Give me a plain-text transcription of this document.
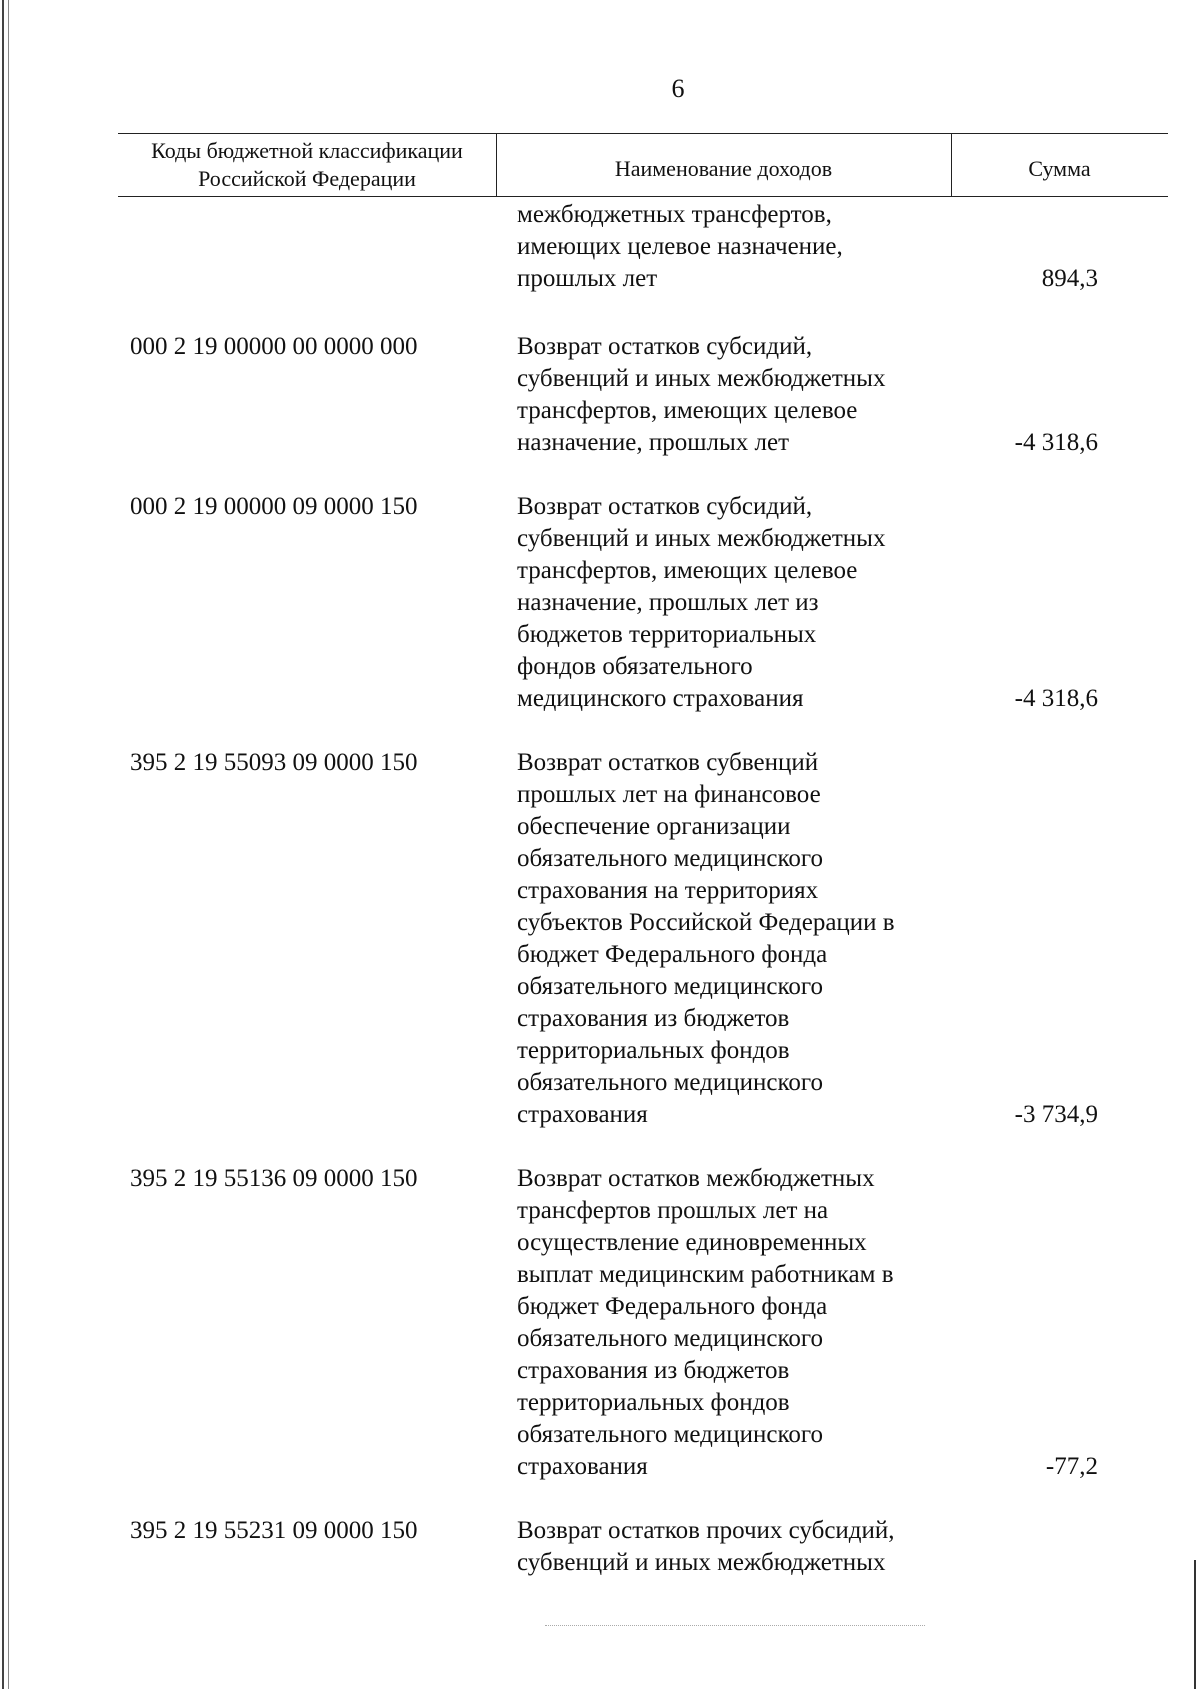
6
Коды бюджетной классификации
Российской Федерации	Наименование доходов	Сумма
межбюджетных трансфертов,
имеющих целевое назначение,
прошлых лет	894,3
000 2 19 00000 00 0000 000	Возврат остатков субсидий,
субвенций и иных межбюджетных
трансфертов, имеющих целевое
назначение, прошлых лет	-4 318,6
000 2 19 00000 09 0000 150	Возврат остатков субсидий,
субвенций и иных межбюджетных
трансфертов, имеющих целевое
назначение, прошлых лет из
бюджетов территориальных
фондов обязательного
медицинского страхования	-4 318,6
395 2 19 55093 09 0000 150	Возврат остатков субвенций
прошлых лет на финансовое
обеспечение организации
обязательного медицинского
страхования на территориях
субъектов Российской Федерации в
бюджет Федерального фонда
обязательного медицинского
страхования из бюджетов
территориальных фондов
обязательного медицинского
страхования	-3 734,9
395 2 19 55136 09 0000 150	Возврат остатков межбюджетных
трансфертов прошлых лет на
осуществление единовременных
выплат медицинским работникам в
бюджет Федерального фонда
обязательного медицинского
страхования из бюджетов
территориальных фондов
обязательного медицинского
страхования	-77,2
395 2 19 55231 09 0000 150	Возврат остатков прочих субсидий,
субвенций и иных межбюджетных
